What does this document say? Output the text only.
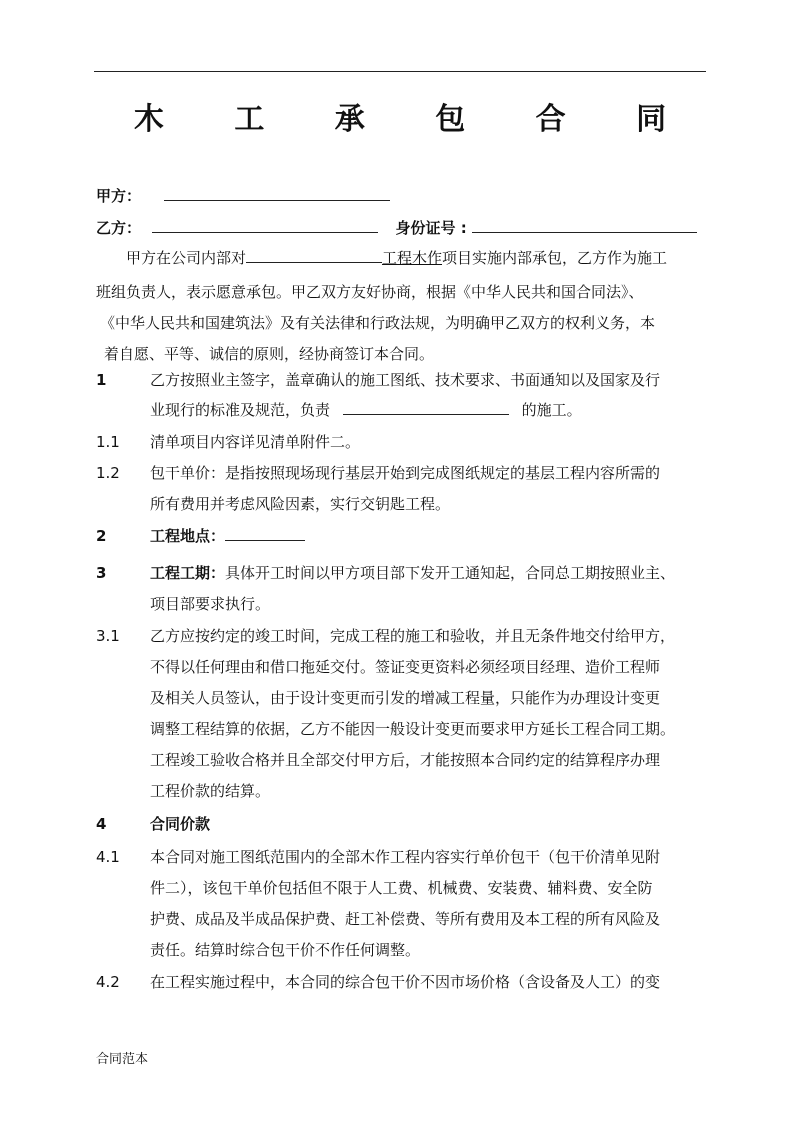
木 工 承 包 合 同
甲方：
乙方：	身份证号 :
甲方在公司内部对	工程木作项目实施内部承包，乙方作为施工
班组负责人，表示愿意承包。甲乙双方友好协商，根据《中华人民共和国合同法》、
《中华人民共和国建筑法》及有关法律和行政法规，为明确甲乙双方的权利义务，本
着自愿、平等、诚信的原则，经协商签订本合同。
1	乙方按照业主签字，盖章确认的施工图纸、技术要求、书面通知以及国家及行
业现行的标准及规范，负责	的施工。
1.1 清单项目内容详见清单附件二。
1.2 包干单价：是指按照现场现行基层开始到完成图纸规定的基层工程内容所需的
所有费用并考虑风险因素，实行交钥匙工程。
2	工程地点：
3	工程工期：具体开工时间以甲方项目部下发开工通知起，合同总工期按照业主、
项目部要求执行。
3.1 乙方应按约定的竣工时间，完成工程的施工和验收，并且无条件地交付给甲方，
不得以任何理由和借口拖延交付。签证变更资料必须经项目经理、造价工程师
及相关人员签认，由于设计变更而引发的增减工程量，只能作为办理设计变更
调整工程结算的依据，乙方不能因一般设计变更而要求甲方延长工程合同工期。
工程竣工验收合格并且全部交付甲方后，才能按照本合同约定的结算程序办理
工程价款的结算。
4	合同价款
4.1 本合同对施工图纸范围内的全部木作工程内容实行单价包干（包干价清单见附
件二），该包干单价包括但不限于人工费、机械费、安装费、辅料费、安全防
护费、成品及半成品保护费、赶工补偿费、等所有费用及本工程的所有风险及
责任。结算时综合包干价不作任何调整。
4.2 在工程实施过程中，本合同的综合包干价不因市场价格（含设备及人工）的变
合同范本
